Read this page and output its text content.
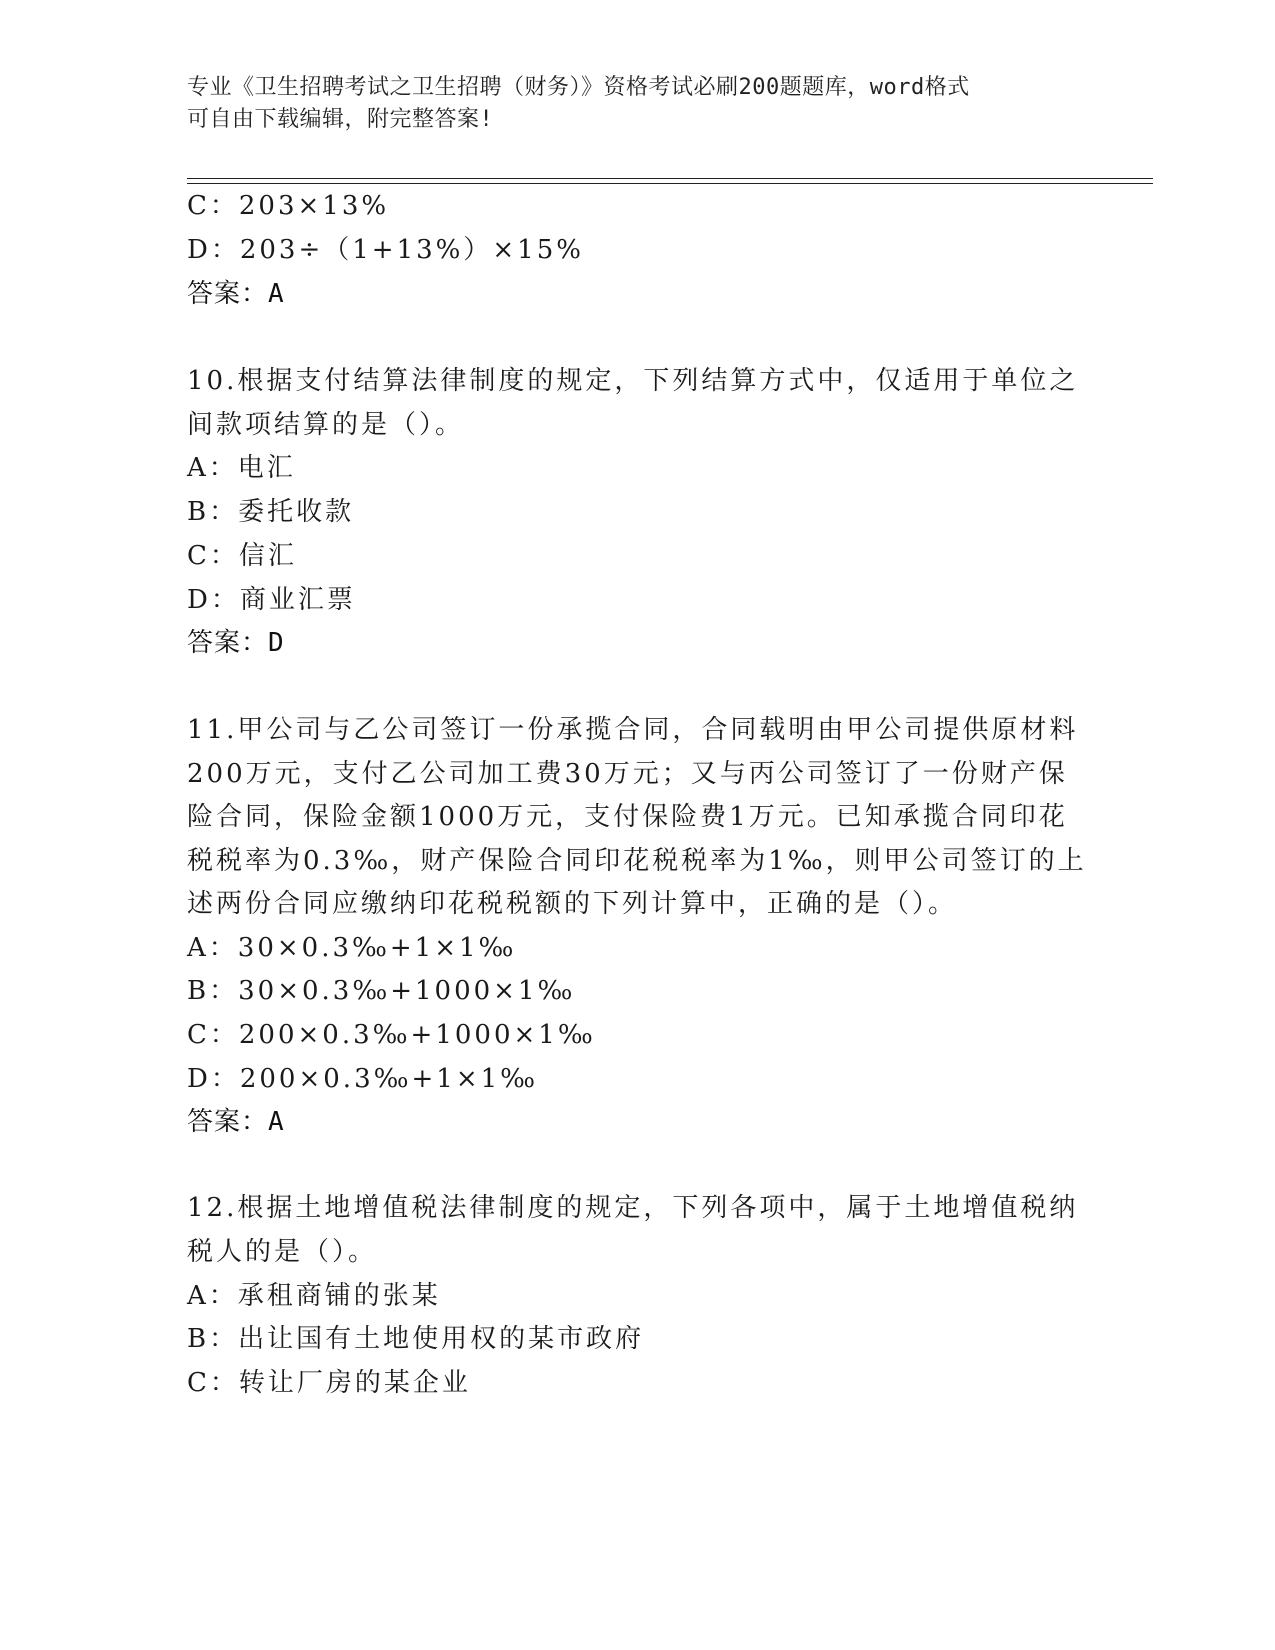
专业《卫生招聘考试之卫生招聘（财务）》资格考试必刷200题题库，word格式
可自由下载编辑，附完整答案!
C：203×13%
D：203÷（1+13%）×15%
答案：A
10.根据支付结算法律制度的规定，下列结算方式中，仅适用于单位之
间款项结算的是（）。
A：电汇
B：委托收款
C：信汇
D：商业汇票
答案：D
11.甲公司与乙公司签订一份承揽合同，合同载明由甲公司提供原材料
200万元，支付乙公司加工费30万元；又与丙公司签订了一份财产保
险合同，保险金额1000万元，支付保险费1万元。已知承揽合同印花
税税率为0.3‰，财产保险合同印花税税率为1‰，则甲公司签订的上
述两份合同应缴纳印花税税额的下列计算中，正确的是（）。
A：30×0.3‰+1×1‰
B：30×0.3‰+1000×1‰
C：200×0.3‰+1000×1‰
D：200×0.3‰+1×1‰
答案：A
12.根据土地增值税法律制度的规定，下列各项中，属于土地增值税纳
税人的是（）。
A：承租商铺的张某
B：出让国有土地使用权的某市政府
C：转让厂房的某企业
